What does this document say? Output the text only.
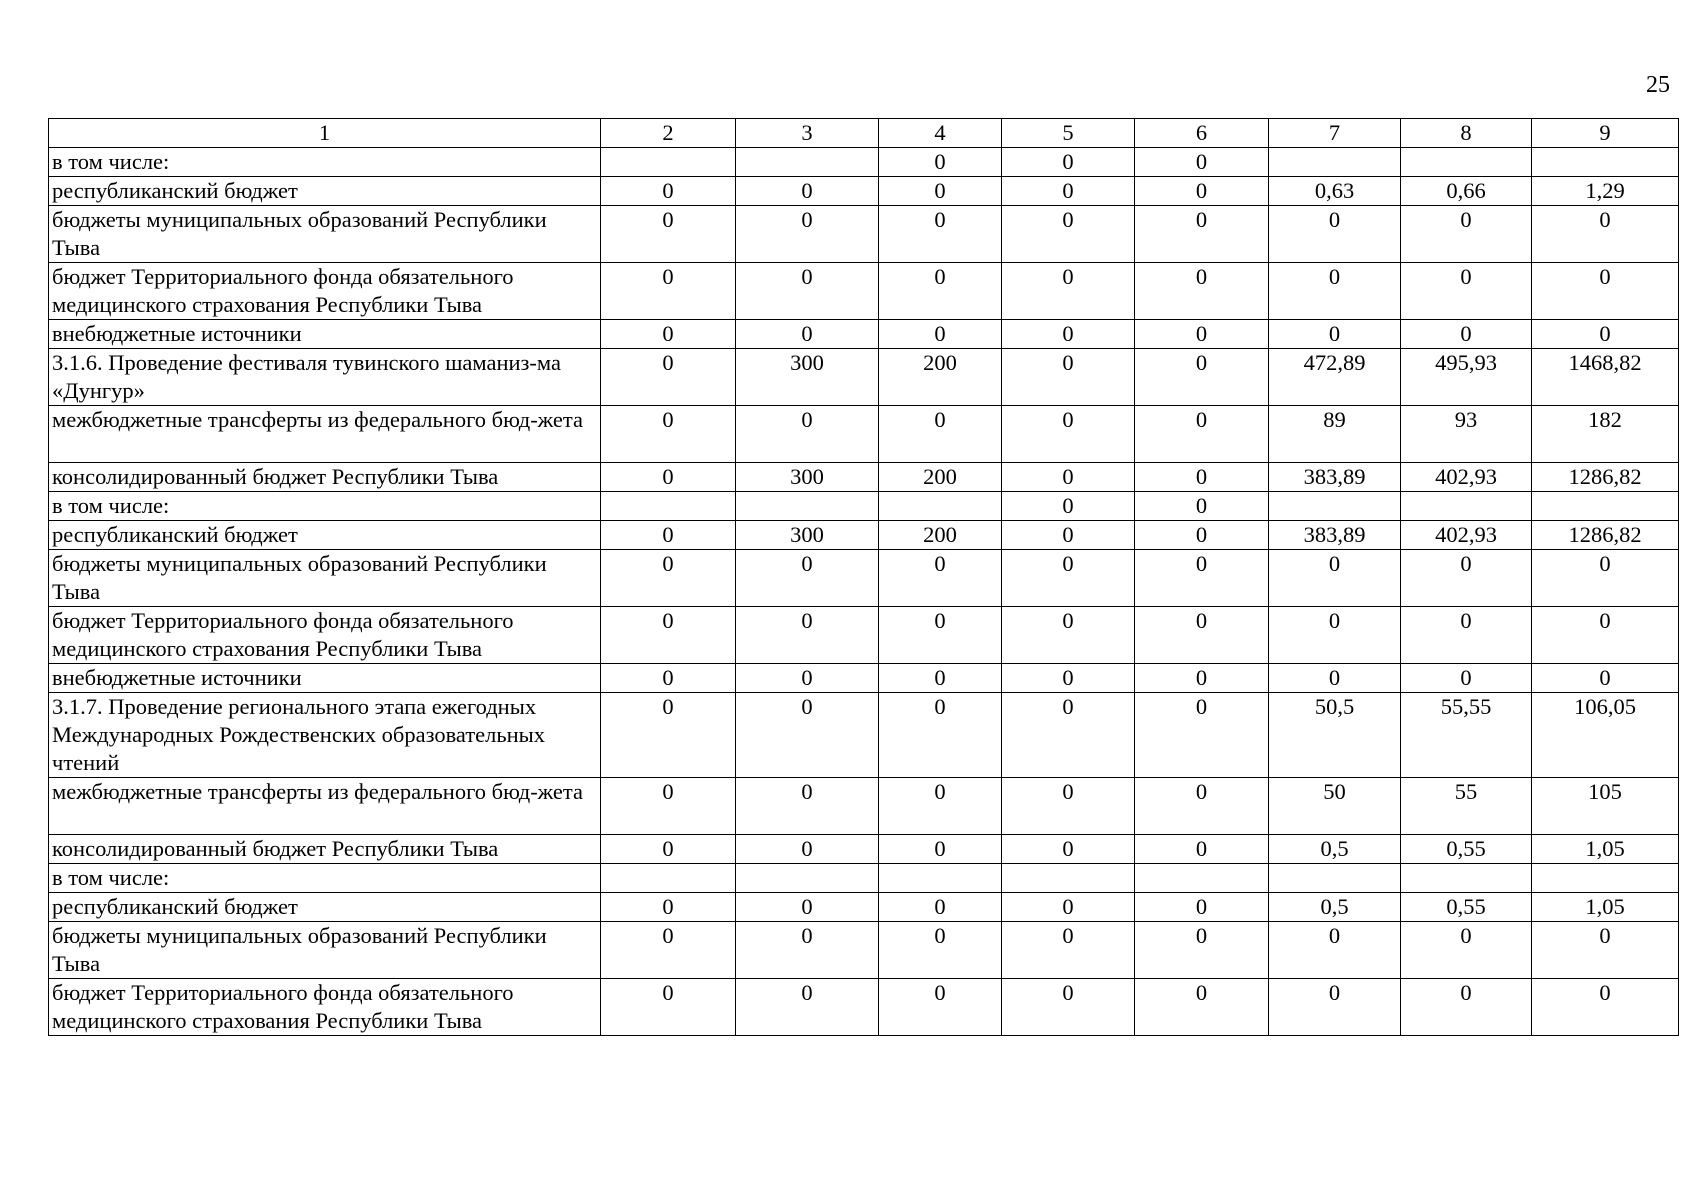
25
1	2	3	4	5	6	7	8	9
в том числе:			0	0	0			
республиканский бюджет	0	0	0	0	0	0,63	0,66	1,29
бюджеты муниципальных образований Республики Тыва	0	0	0	0	0	0	0	0
бюджет Территориального фонда обязательного медицинского страхования Республики Тыва	0	0	0	0	0	0	0	0
внебюджетные источники	0	0	0	0	0	0	0	0
3.1.6. Проведение фестиваля тувинского шаманиз-ма «Дунгур»	0	300	200	0	0	472,89	495,93	1468,82
межбюджетные трансферты из федерального бюд-жета	0	0	0	0	0	89	93	182
консолидированный бюджет Республики Тыва	0	300	200	0	0	383,89	402,93	1286,82
в том числе:				0	0			
республиканский бюджет	0	300	200	0	0	383,89	402,93	1286,82
бюджеты муниципальных образований Республики Тыва	0	0	0	0	0	0	0	0
бюджет Территориального фонда обязательного медицинского страхования Республики Тыва	0	0	0	0	0	0	0	0
внебюджетные источники	0	0	0	0	0	0	0	0
3.1.7. Проведение регионального этапа ежегодных Международных Рождественских образовательных чтений	0	0	0	0	0	50,5	55,55	106,05
межбюджетные трансферты из федерального бюд-жета	0	0	0	0	0	50	55	105
консолидированный бюджет Республики Тыва	0	0	0	0	0	0,5	0,55	1,05
в том числе:								
республиканский бюджет	0	0	0	0	0	0,5	0,55	1,05
бюджеты муниципальных образований Республики Тыва	0	0	0	0	0	0	0	0
бюджет Территориального фонда обязательного медицинского страхования Республики Тыва	0	0	0	0	0	0	0	0
